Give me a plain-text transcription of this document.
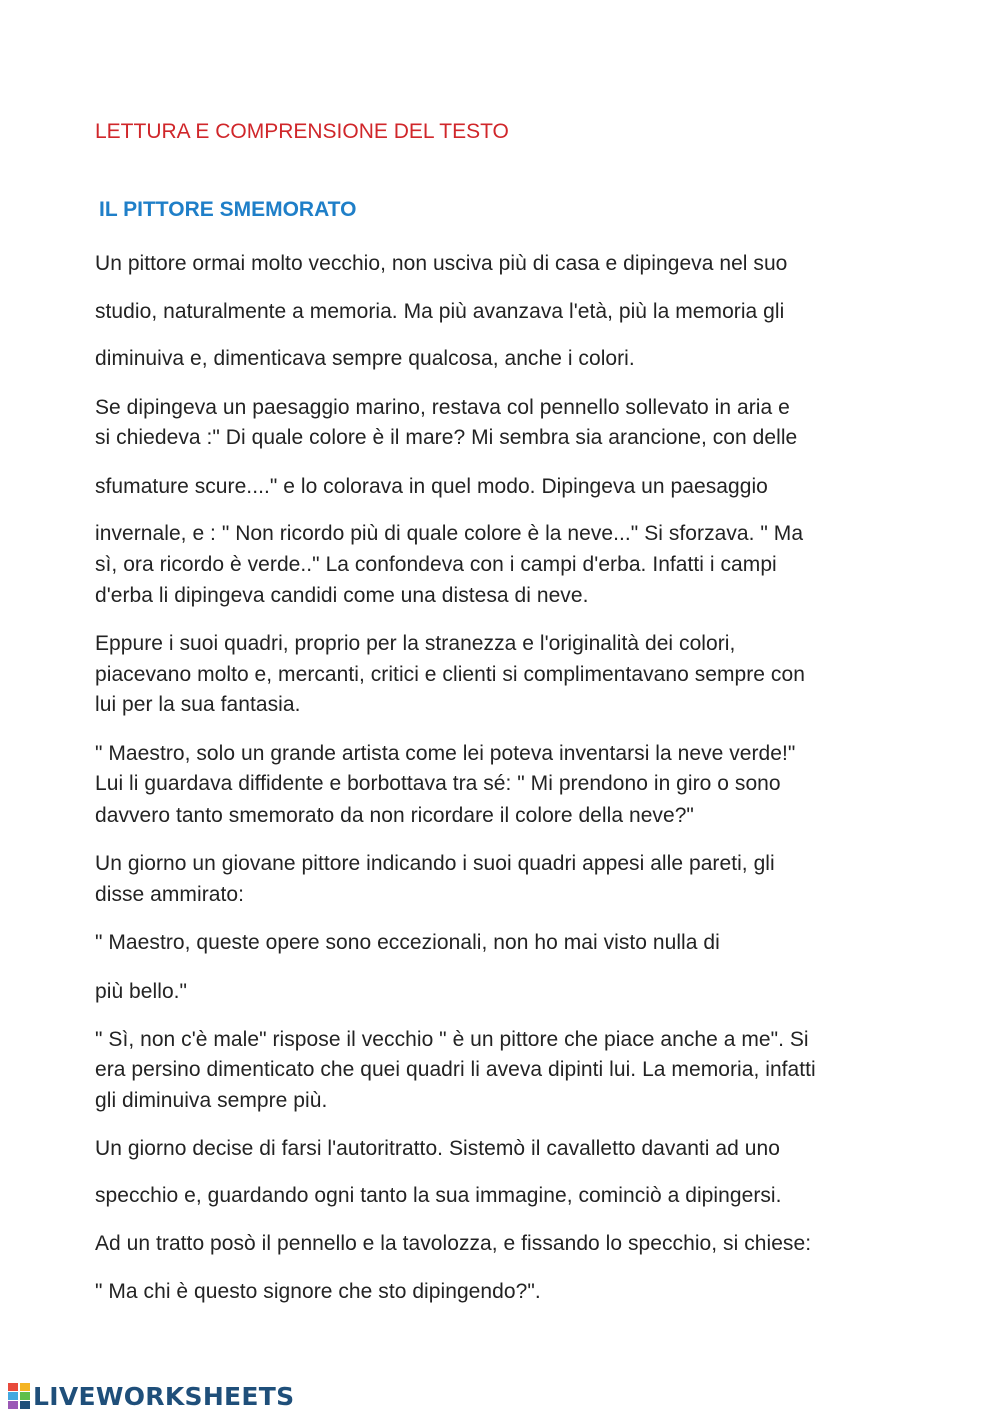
LETTURA E COMPRENSIONE DEL TESTO

IL PITTORE SMEMORATO

Un pittore ormai molto vecchio, non usciva più di casa e dipingeva nel suo

studio, naturalmente a memoria. Ma più avanzava l'età, più la memoria gli

diminuiva e, dimenticava sempre qualcosa, anche i colori.

Se dipingeva un paesaggio marino, restava col pennello sollevato in aria e

si chiedeva :" Di quale colore è il mare? Mi sembra sia arancione, con delle

sfumature scure...." e lo colorava in quel modo. Dipingeva un paesaggio

invernale, e : " Non ricordo più di quale colore è la neve..." Si sforzava. " Ma

sì, ora ricordo è verde.." La confondeva con i campi d'erba. Infatti i campi

d'erba li dipingeva candidi come una distesa di neve.

Eppure i suoi quadri, proprio per la stranezza e l'originalità dei colori,

piacevano molto e, mercanti, critici e clienti si complimentavano sempre con

lui per la sua fantasia.

" Maestro, solo un grande artista come lei poteva inventarsi la neve verde!"

Lui li guardava diffidente e borbottava tra sé: " Mi prendono in giro o sono

davvero tanto smemorato da non ricordare il colore della neve?"

Un giorno un giovane pittore indicando i suoi quadri appesi alle pareti, gli

disse ammirato:

" Maestro, queste opere sono eccezionali, non ho mai visto nulla di

più bello."

" Sì, non c'è male" rispose il vecchio " è un pittore che piace anche a me". Si

era persino dimenticato che quei quadri li aveva dipinti lui. La memoria, infatti

gli diminuiva sempre più.

Un giorno decise di farsi l'autoritratto. Sistemò il cavalletto davanti ad uno

specchio e, guardando ogni tanto la sua immagine, cominciò a dipingersi.

Ad un tratto posò il pennello e la tavolozza, e fissando lo specchio, si chiese:

" Ma chi è questo signore che sto dipingendo?".

LIVEWORKSHEETS
